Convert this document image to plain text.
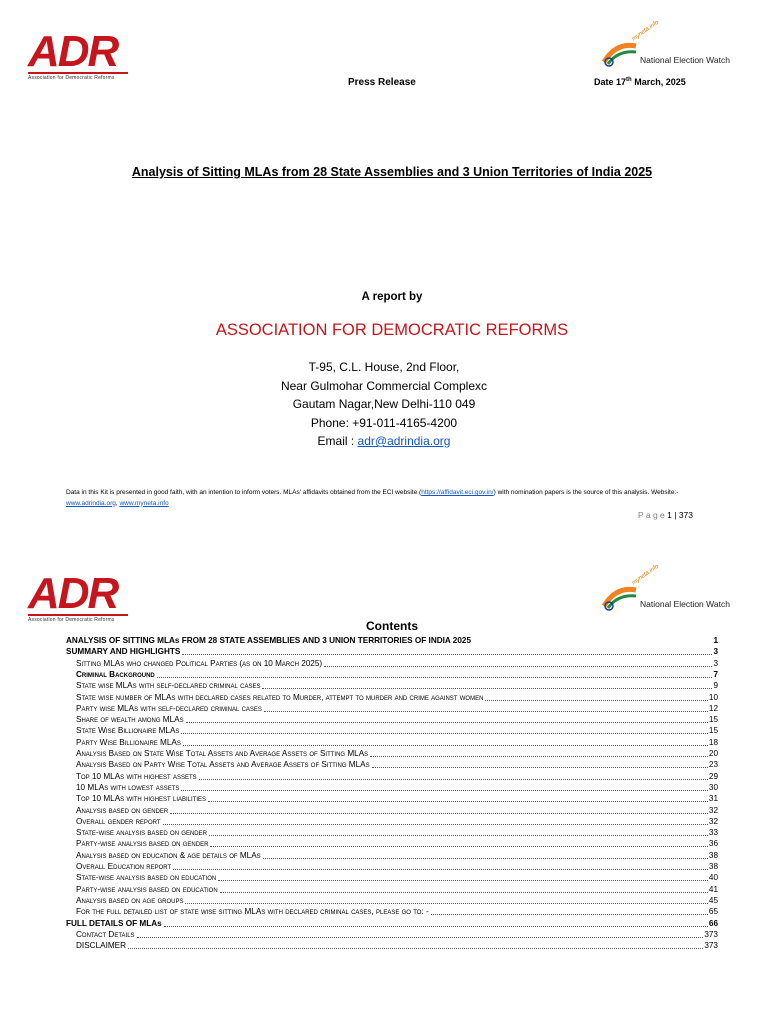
ADR
Association for Democratic Reforms
myneta.info
National Election Watch
Press Release	Date 17th March, 2025
Analysis of Sitting MLAs from 28 State Assemblies and 3 Union Territories of India 2025
A report by
ASSOCIATION FOR DEMOCRATIC REFORMS
T-95, C.L. House, 2nd Floor,
Near Gulmohar Commercial Complexc
Gautam Nagar,New Delhi-110 049
Phone: +91-011-4165-4200
Email : adr@adrindia.org
Data in this Kit is presented in good faith, with an intention to inform voters. MLAs' affidavits obtained from the ECI website (https://affidavit.eci.gov.in/) with nomination papers is the source of this analysis. Website:- www.adrindia.org, www.myneta.info
P a g e 1 | 373
ADR
Association for Democratic Reforms
myneta.info
National Election Watch
Contents
ANALYSIS OF SITTING MLAs FROM 28 STATE ASSEMBLIES AND 3 UNION TERRITORIES OF INDIA 2025	1
SUMMARY AND HIGHLIGHTS	3
Sitting MLAs who changed Political Parties (as on 10 March 2025)	3
Criminal Background	7
State wise MLAs with self-declared criminal cases	9
State wise number of MLAs with declared cases related to Murder, attempt to murder and crime against women	10
Party wise MLAs with self-declared criminal cases	12
Share of wealth among MLAs	15
State Wise Billionaire MLAs	15
Party Wise Billionaire MLAs	18
Analysis Based on State Wise Total Assets and Average Assets of Sitting MLAs	20
Analysis Based on Party Wise Total Assets and Average Assets of Sitting MLAs	23
Top 10 MLAs with highest assets	29
10 MLAs with lowest assets	30
Top 10 MLAs with highest liabilities	31
Analysis based on gender	32
Overall gender report	32
State-wise analysis based on gender	33
Party-wise analysis based on gender	36
Analysis based on education & age details of MLAs	38
Overall Education report	38
State-wise analysis based on education	40
Party-wise analysis based on education	41
Analysis based on age groups	45
For the full detailed list of state wise sitting MLAs with declared criminal cases, please go to: -	65
FULL DETAILS OF MLAs	66
Contact Details	373
DISCLAIMER	373
